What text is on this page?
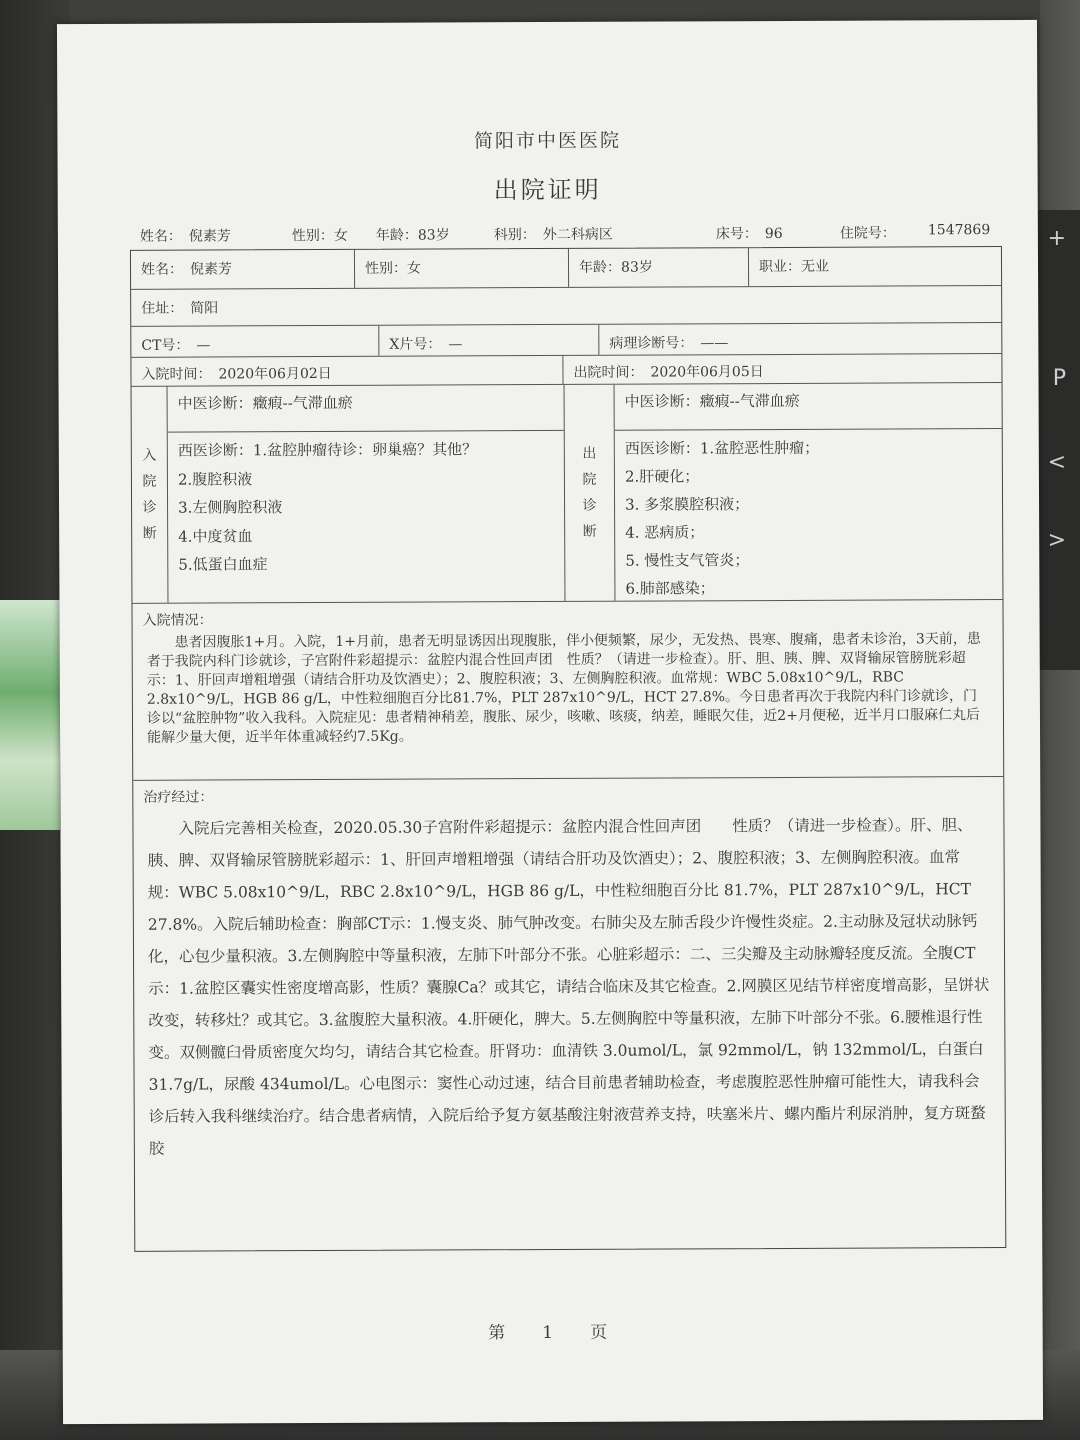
+
P
<
>
简阳市中医医院
出院证明
姓名：　倪素芳	性别：女 年龄：83岁	科别：　外二科病区	床号：　96	住院号： 1547869
姓名：　倪素芳	性别：女	年龄：83岁	职业：无业
住址：　简阳
CT号：　—	X片号：　—	病理诊断号：　——
入院时间：　2020年06月02日	出院时间：　2020年06月05日
入
院
诊
断
中医诊断：癥瘕--气滞血瘀
西医诊断：1.盆腔肿瘤待诊：卵巢癌？其他？
2.腹腔积液
3.左侧胸腔积液
4.中度贫血
5.低蛋白血症
出
院
诊
断
中医诊断：癥瘕--气滞血瘀
西医诊断：1.盆腔恶性肿瘤；
2.肝硬化；
3. 多浆膜腔积液；
4. 恶病质；
5. 慢性支气管炎；
6.肺部感染；
入院情况：
患者因腹胀1+月。入院，1+月前，患者无明显诱因出现腹胀，伴小便频繁，尿少，无发热、畏寒、腹痛，患者未诊治，3天前，患者于我院内科门诊就诊，子宫附件彩超提示：盆腔内混合性回声团　性质？（请进一步检查）。肝、胆、胰、脾、双肾输尿管膀胱彩超示：1、肝回声增粗增强（请结合肝功及饮酒史）；2、腹腔积液；3、左侧胸腔积液。血常规：WBC 5.08x10^9/L，RBC 2.8x10^9/L，HGB 86 g/L，中性粒细胞百分比81.7%，PLT 287x10^9/L，HCT 27.8%。今日患者再次于我院内科门诊就诊，门诊以“盆腔肿物”收入我科。入院症见：患者精神稍差，腹胀、尿少，咳嗽、咳痰，纳差，睡眠欠佳，近2+月便秘，近半月口服麻仁丸后能解少量大便，近半年体重减轻约7.5Kg。
治疗经过：
入院后完善相关检查，2020.05.30子宫附件彩超提示：盆腔内混合性回声团　　性质？（请进一步检查）。肝、胆、胰、脾、双肾输尿管膀胱彩超示：1、肝回声增粗增强（请结合肝功及饮酒史）；2、腹腔积液；3、左侧胸腔积液。血常规：WBC 5.08x10^9/L，RBC 2.8x10^9/L，HGB 86 g/L，中性粒细胞百分比 81.7%，PLT 287x10^9/L，HCT 27.8%。入院后辅助检查：胸部CT示：1.慢支炎、肺气肿改变。右肺尖及左肺舌段少许慢性炎症。2.主动脉及冠状动脉钙化，心包少量积液。3.左侧胸腔中等量积液，左肺下叶部分不张。心脏彩超示：二、三尖瓣及主动脉瓣轻度反流。全腹CT示：1.盆腔区囊实性密度增高影，性质？囊腺Ca？或其它，请结合临床及其它检查。2.网膜区见结节样密度增高影，呈饼状改变，转移灶？或其它。3.盆腹腔大量积液。4.肝硬化，脾大。5.左侧胸腔中等量积液，左肺下叶部分不张。6.腰椎退行性变。双侧髋臼骨质密度欠均匀，请结合其它检查。肝肾功：血清铁 3.0umol/L，氯 92mmol/L，钠 132mmol/L，白蛋白 31.7g/L，尿酸 434umol/L。心电图示：窦性心动过速，结合目前患者辅助检查，考虑腹腔恶性肿瘤可能性大，请我科会诊后转入我科继续治疗。结合患者病情，入院后给予复方氨基酸注射液营养支持，呋塞米片、螺内酯片利尿消肿，复方斑蝥胶
第　1　页
